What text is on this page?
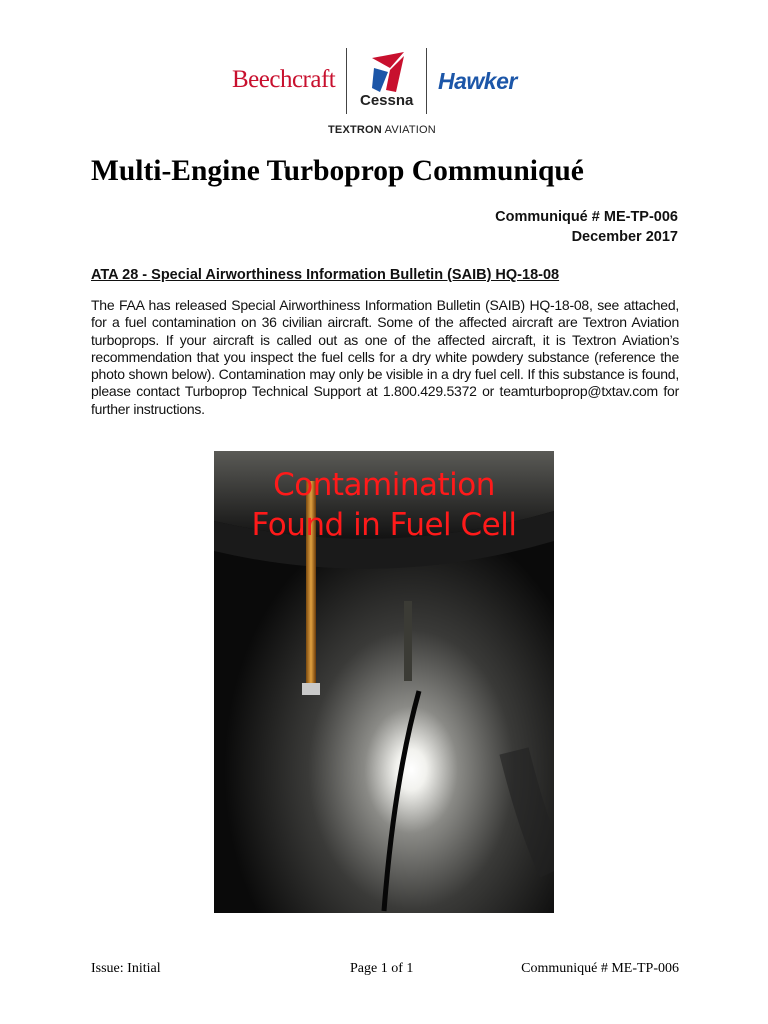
Beechcraft
Cessna
Hawker
TEXTRON AVIATION
Multi-Engine Turboprop Communiqué
Communiqué # ME-TP-006
December 2017
ATA 28 - Special Airworthiness Information Bulletin (SAIB) HQ-18-08
The FAA has released Special Airworthiness Information Bulletin (SAIB) HQ-18-08, see attached, for a fuel contamination on 36 civilian aircraft. Some of the affected aircraft are Textron Aviation turboprops. If your aircraft is called out as one of the affected aircraft, it is Textron Aviation’s recommendation that you inspect the fuel cells for a dry white powdery substance (reference the photo shown below). Contamination may only be visible in a dry fuel cell. If this substance is found, please contact Turboprop Technical Support at 1.800.429.5372 or teamturboprop@txtav.com for further instructions.
Contamination
Found in Fuel Cell
Issue: Initial	Page 1 of 1	Communiqué # ME-TP-006
